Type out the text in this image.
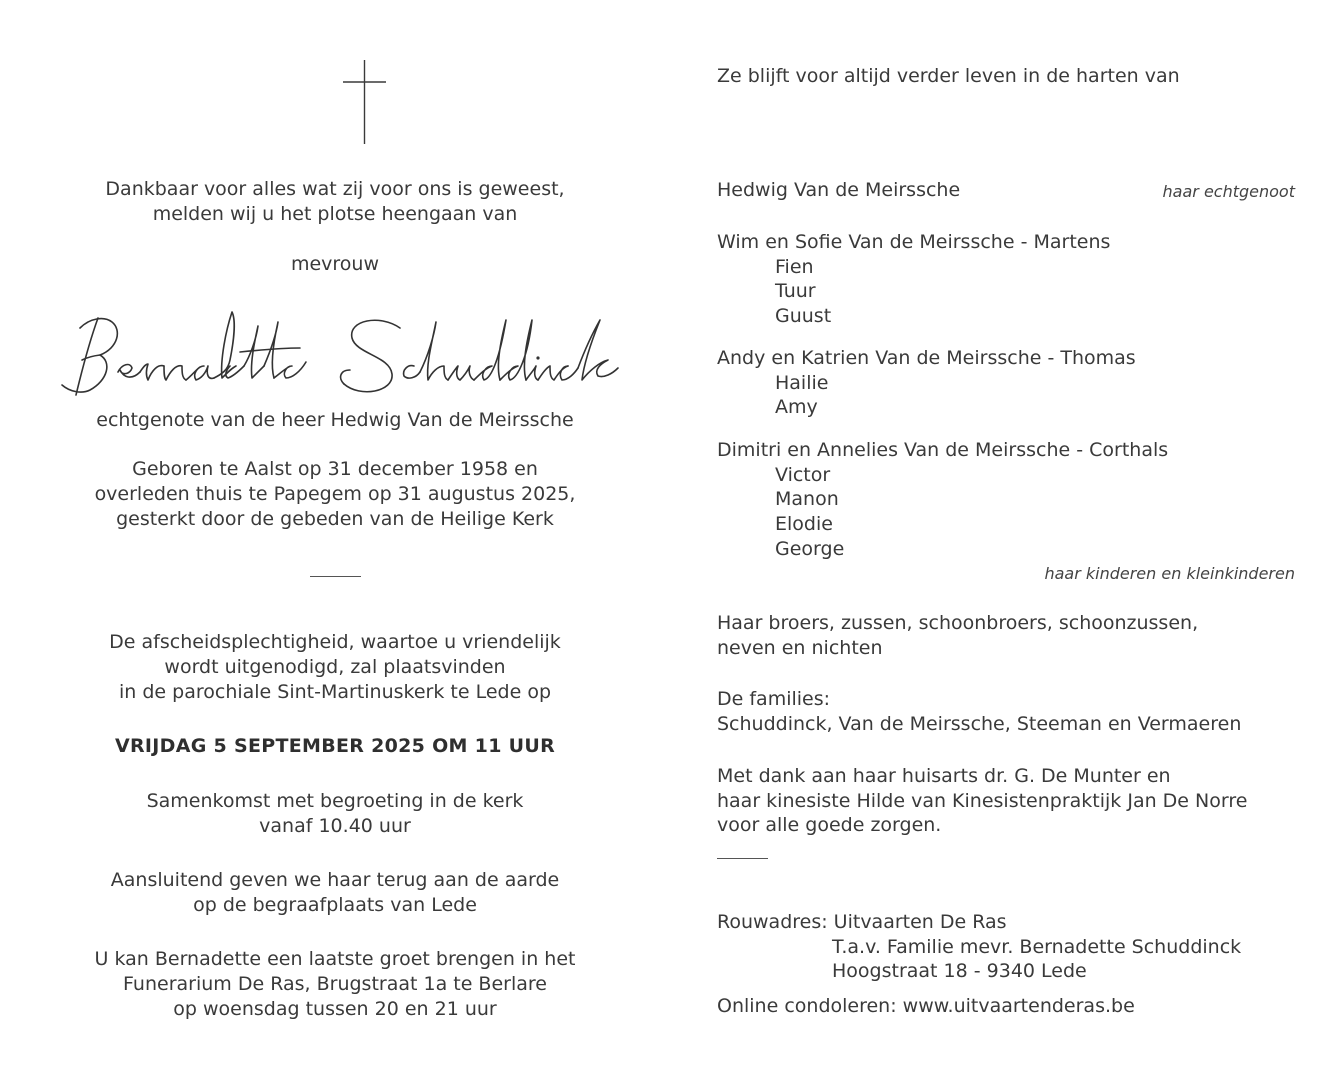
Dankbaar voor alles wat zij voor ons is geweest,
melden wij u het plotse heengaan van
mevrouw
echtgenote van de heer Hedwig Van de Meirssche
Geboren te Aalst op 31 december 1958 en
overleden thuis te Papegem op 31 augustus 2025,
gesterkt door de gebeden van de Heilige Kerk
De afscheidsplechtigheid, waartoe u vriendelijk
wordt uitgenodigd, zal plaatsvinden
in de parochiale Sint-Martinuskerk te Lede op
VRIJDAG 5 SEPTEMBER 2025 OM 11 UUR
Samenkomst met begroeting in de kerk
vanaf 10.40 uur
Aansluitend geven we haar terug aan de aarde
op de begraafplaats van Lede
U kan Bernadette een laatste groet brengen in het
Funerarium De Ras, Brugstraat 1a te Berlare
op woensdag tussen 20 en 21 uur
Ze blijft voor altijd verder leven in de harten van
Hedwig Van de Meirssche	haar echtgenoot
Wim en Sofie Van de Meirssche - Martens
Fien
Tuur
Guust
Andy en Katrien Van de Meirssche - Thomas
Hailie
Amy
Dimitri en Annelies Van de Meirssche - Corthals
Victor
Manon
Elodie
George
haar kinderen en kleinkinderen
Haar broers, zussen, schoonbroers, schoonzussen,
neven en nichten
De families:
Schuddinck, Van de Meirssche, Steeman en Vermaeren
Met dank aan haar huisarts dr. G. De Munter en
haar kinesiste Hilde van Kinesistenpraktijk Jan De Norre
voor alle goede zorgen.
Rouwadres: Uitvaarten De Ras
T.a.v. Familie mevr. Bernadette Schuddinck
Hoogstraat 18 - 9340 Lede
Online condoleren: www.uitvaartenderas.be
